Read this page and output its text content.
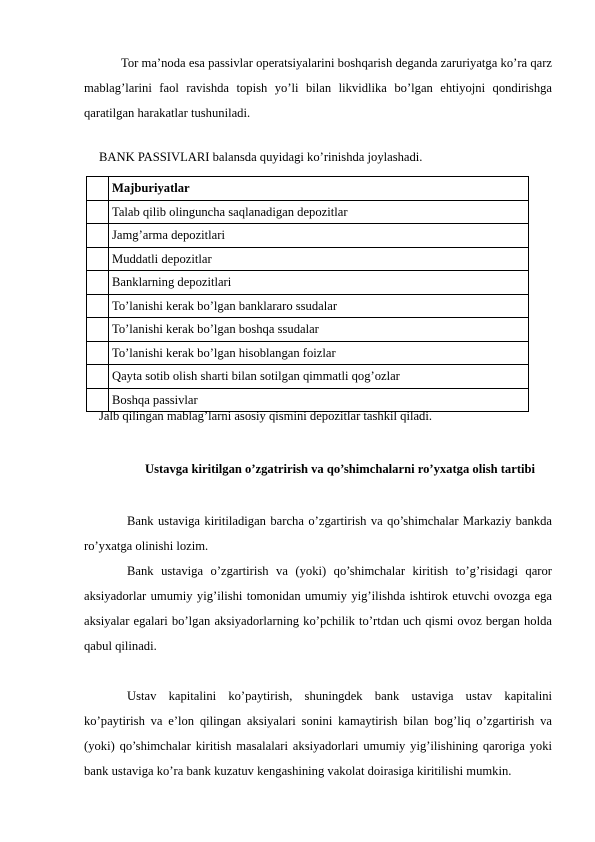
Tor ma’noda esa passivlar operatsiyalarini boshqarish deganda zaruriyatga ko’ra qarz mablag’larini faol ravishda topish yo’li bilan likvidlika bo’lgan ehtiyojni qondirishga qaratilgan harakatlar tushuniladi.

BANK PASSIVLARI balansda quyidagi ko’rinishda joylashadi.

	Majburiyatlar
	Talab qilib olinguncha saqlanadigan depozitlar
	Jamg’arma depozitlari
	Muddatli depozitlar
	Banklarning depozitlari
	To’lanishi kerak bo’lgan banklararo ssudalar
	To’lanishi kerak bo’lgan boshqa ssudalar
	To’lanishi kerak bo’lgan hisoblangan foizlar
	Qayta sotib olish sharti bilan sotilgan qimmatli qog’ozlar
	Boshqa passivlar

Jalb qilingan mablag’larni asosiy qismini depozitlar tashkil qiladi.

Ustavga kiritilgan o’zgatrirish va qo’shimchalarni ro’yxatga olish tartibi

Bank ustaviga kiritiladigan barcha o’zgartirish va qo’shimchalar Markaziy bankda ro’yxatga olinishi lozim.

Bank ustaviga o’zgartirish va (yoki) qo’shimchalar kiritish to’g’risidagi qaror aksiyadorlar umumiy yig’ilishi tomonidan umumiy yig’ilishda ishtirok etuvchi ovozga ega aksiyalar egalari bo’lgan aksiyadorlarning ko’pchilik to’rtdan uch qismi ovoz bergan holda qabul qilinadi.

Ustav kapitalini ko’paytirish, shuningdek bank ustaviga ustav kapitalini ko’paytirish va e’lon qilingan aksiyalari sonini kamaytirish bilan bog’liq o’zgartirish va (yoki) qo’shimchalar kiritish masalalari aksiyadorlari umumiy yig’ilishining qaroriga yoki bank ustaviga ko’ra bank kuzatuv kengashining vakolat doirasiga kiritilishi mumkin.
